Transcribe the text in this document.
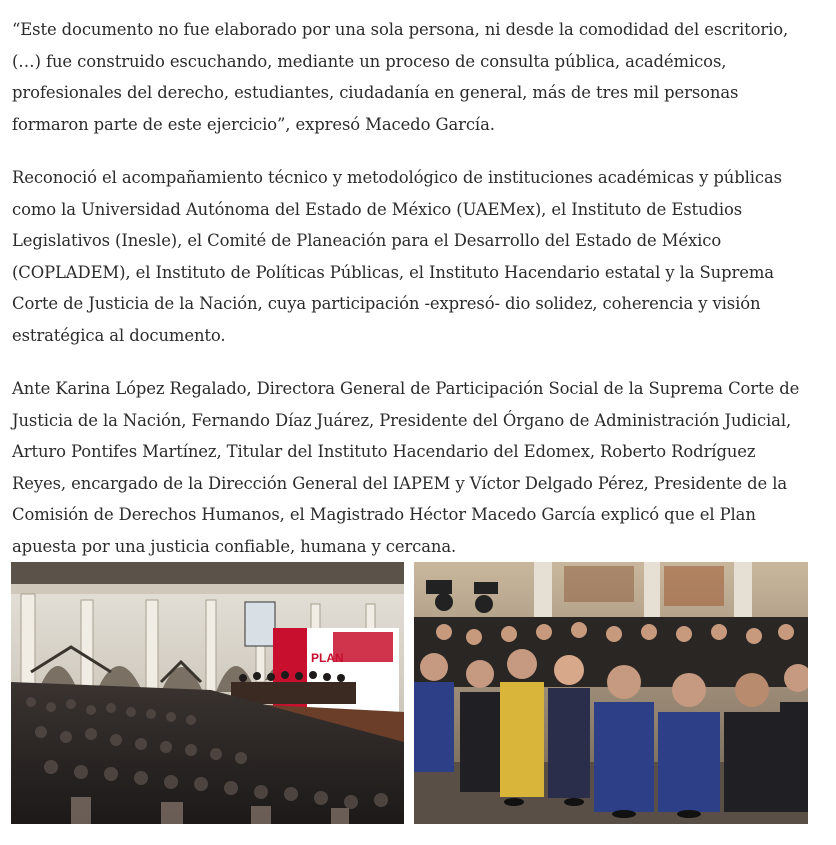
“Este documento no fue elaborado por una sola persona, ni desde la comodidad del escritorio, (…) fue construido escuchando, mediante un proceso de consulta pública, académicos, profesionales del derecho, estudiantes, ciudadanía en general, más de tres mil personas formaron parte de este ejercicio”, expresó Macedo García.

Reconoció el acompañamiento técnico y metodológico de instituciones académicas y públicas como la Universidad Autónoma del Estado de México (UAEMex), el Instituto de Estudios Legislativos (Inesle), el Comité de Planeación para el Desarrollo del Estado de México (COPLADEM), el Instituto de Políticas Públicas, el Instituto Hacendario estatal y la Suprema Corte de Justicia de la Nación, cuya participación -expresó- dio solidez, coherencia y visión estratégica al documento.

Ante Karina López Regalado, Directora General de Participación Social de la Suprema Corte de Justicia de la Nación, Fernando Díaz Juárez, Presidente del Órgano de Administración Judicial, Arturo Pontifes Martínez, Titular del Instituto Hacendario del Edomex, Roberto Rodríguez Reyes, encargado de la Dirección General del IAPEM y Víctor Delgado Pérez, Presidente de la Comisión de Derechos Humanos, el Magistrado Héctor Macedo García explicó que el Plan apuesta por una justicia confiable, humana y cercana.

PLAN
